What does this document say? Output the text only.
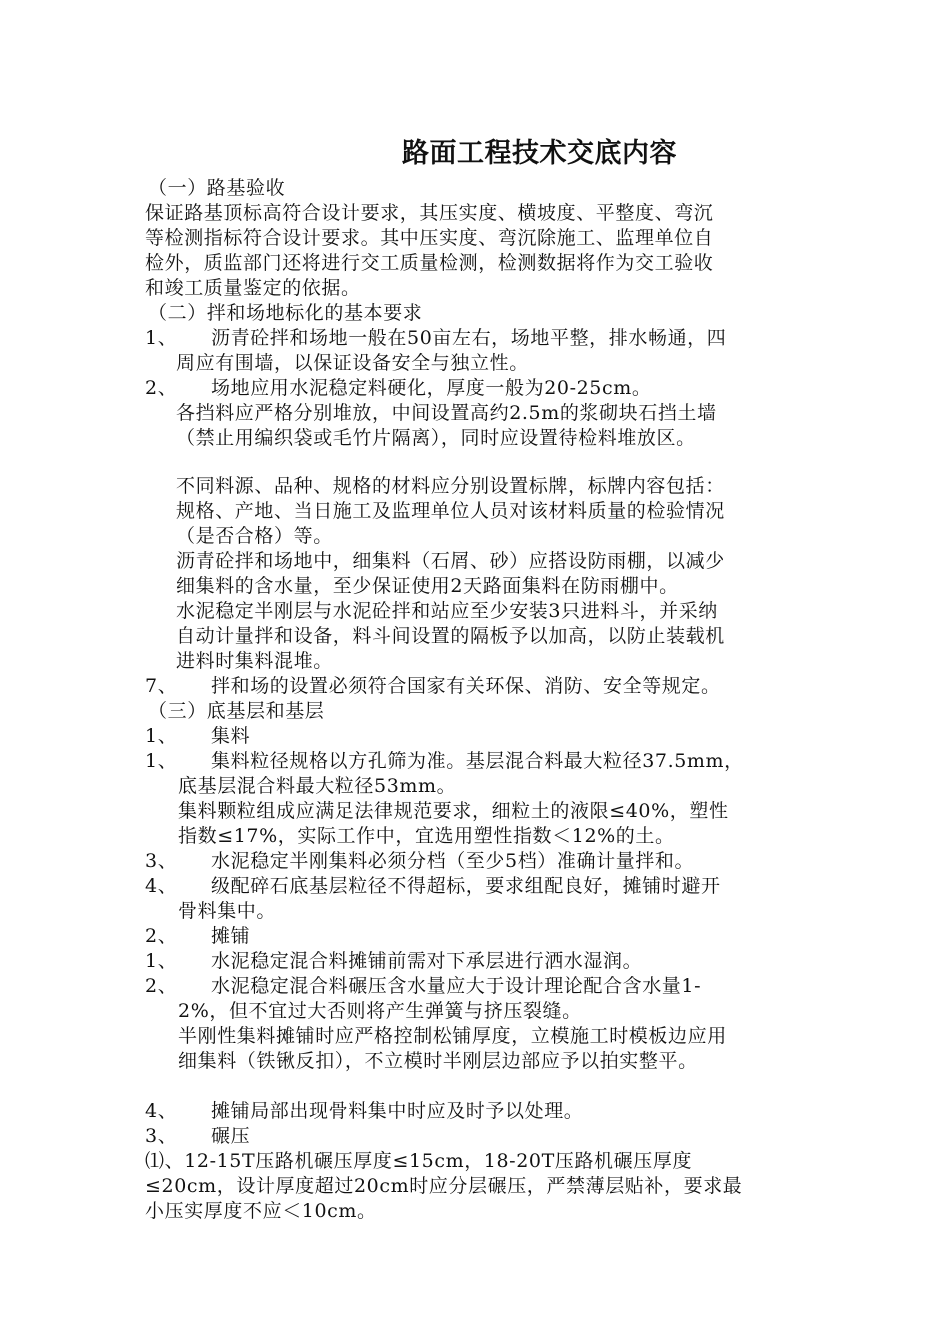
路面工程技术交底内容
（一）路基验收
保证路基顶标高符合设计要求，其压实度、横坡度、平整度、弯沉
等检测指标符合设计要求。其中压实度、弯沉除施工、监理单位自
检外，质监部门还将进行交工质量检测，检测数据将作为交工验收
和竣工质量鉴定的依据。
（二）拌和场地标化的基本要求
1、 沥青砼拌和场地一般在50亩左右，场地平整，排水畅通，四
周应有围墙，以保证设备安全与独立性。
2、 场地应用水泥稳定料硬化，厚度一般为20-25cm。
各挡料应严格分别堆放，中间设置高约2.5m的浆砌块石挡土墙
（禁止用编织袋或毛竹片隔离），同时应设置待检料堆放区。
不同料源、品种、规格的材料应分别设置标牌，标牌内容包括：
规格、产地、当日施工及监理单位人员对该材料质量的检验情况
（是否合格）等。
沥青砼拌和场地中，细集料（石屑、砂）应搭设防雨棚，以减少
细集料的含水量，至少保证使用2天路面集料在防雨棚中。
水泥稳定半刚层与水泥砼拌和站应至少安装3只进料斗，并采纳
自动计量拌和设备，料斗间设置的隔板予以加高，以防止装载机
进料时集料混堆。
7、 拌和场的设置必须符合国家有关环保、消防、安全等规定。
（三）底基层和基层
1、 集料
1、 集料粒径规格以方孔筛为准。基层混合料最大粒径37.5mm，
底基层混合料最大粒径53mm。
集料颗粒组成应满足法律规范要求，细粒土的液限≤40%，塑性
指数≤17%，实际工作中，宜选用塑性指数＜12%的土。
3、 水泥稳定半刚集料必须分档（至少5档）准确计量拌和。
4、 级配碎石底基层粒径不得超标，要求组配良好，摊铺时避开
骨料集中。
2、 摊铺
1、 水泥稳定混合料摊铺前需对下承层进行洒水湿润。
2、 水泥稳定混合料碾压含水量应大于设计理论配合含水量1-
2%，但不宜过大否则将产生弹簧与挤压裂缝。
半刚性集料摊铺时应严格控制松铺厚度，立模施工时模板边应用
细集料（铁锹反扣），不立模时半刚层边部应予以拍实整平。
4、 摊铺局部出现骨料集中时应及时予以处理。
3、 碾压
⑴、12-15T压路机碾压厚度≤15cm，18-20T压路机碾压厚度
≤20cm，设计厚度超过20cm时应分层碾压，严禁薄层贴补，要求最
小压实厚度不应＜10cm。
